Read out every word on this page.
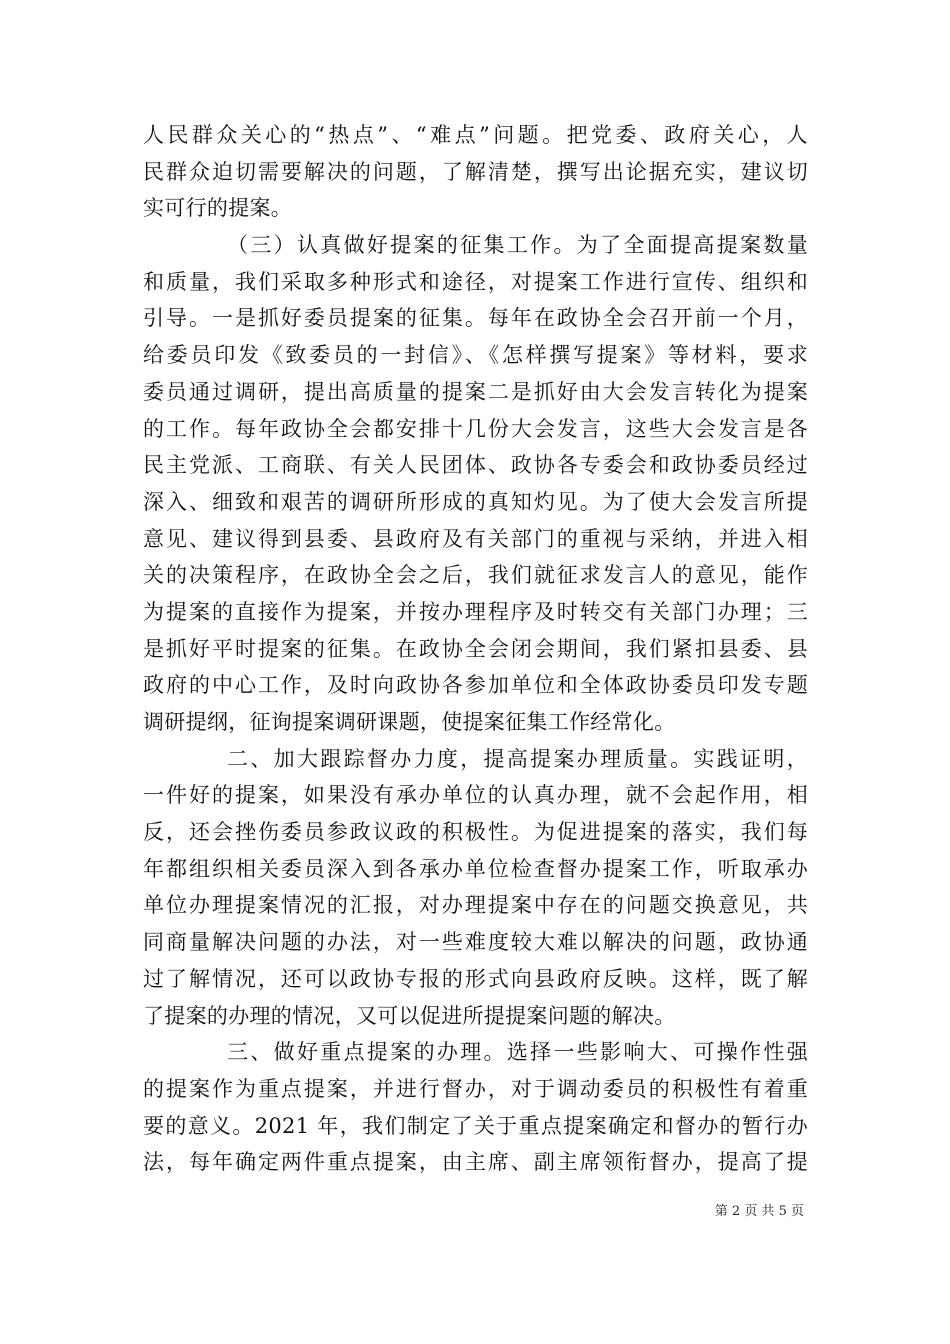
人民群众关心的“热点”、“难点”问题。把党委、政府关心，人
民群众迫切需要解决的问题，了解清楚，撰写出论据充实，建议切
实可行的提案。
（三）认真做好提案的征集工作。为了全面提高提案数量
和质量，我们采取多种形式和途径，对提案工作进行宣传、组织和
引导。一是抓好委员提案的征集。每年在政协全会召开前一个月，
给委员印发《致委员的一封信》、《怎样撰写提案》等材料，要求
委员通过调研，提出高质量的提案二是抓好由大会发言转化为提案
的工作。每年政协全会都安排十几份大会发言，这些大会发言是各
民主党派、工商联、有关人民团体、政协各专委会和政协委员经过
深入、细致和艰苦的调研所形成的真知灼见。为了使大会发言所提
意见、建议得到县委、县政府及有关部门的重视与采纳，并进入相
关的决策程序，在政协全会之后，我们就征求发言人的意见，能作
为提案的直接作为提案，并按办理程序及时转交有关部门办理；三
是抓好平时提案的征集。在政协全会闭会期间，我们紧扣县委、县
政府的中心工作，及时向政协各参加单位和全体政协委员印发专题
调研提纲，征询提案调研课题，使提案征集工作经常化。
二、加大跟踪督办力度，提高提案办理质量。实践证明，
一件好的提案，如果没有承办单位的认真办理，就不会起作用，相
反，还会挫伤委员参政议政的积极性。为促进提案的落实，我们每
年都组织相关委员深入到各承办单位检查督办提案工作，听取承办
单位办理提案情况的汇报，对办理提案中存在的问题交换意见，共
同商量解决问题的办法，对一些难度较大难以解决的问题，政协通
过了解情况，还可以政协专报的形式向县政府反映。这样，既了解
了提案的办理的情况，又可以促进所提提案问题的解决。
三、做好重点提案的办理。选择一些影响大、可操作性强
的提案作为重点提案，并进行督办，对于调动委员的积极性有着重
要的意义。2021 年，我们制定了关于重点提案确定和督办的暂行办
法，每年确定两件重点提案，由主席、副主席领衔督办，提高了提
第 2 页 共 5 页
